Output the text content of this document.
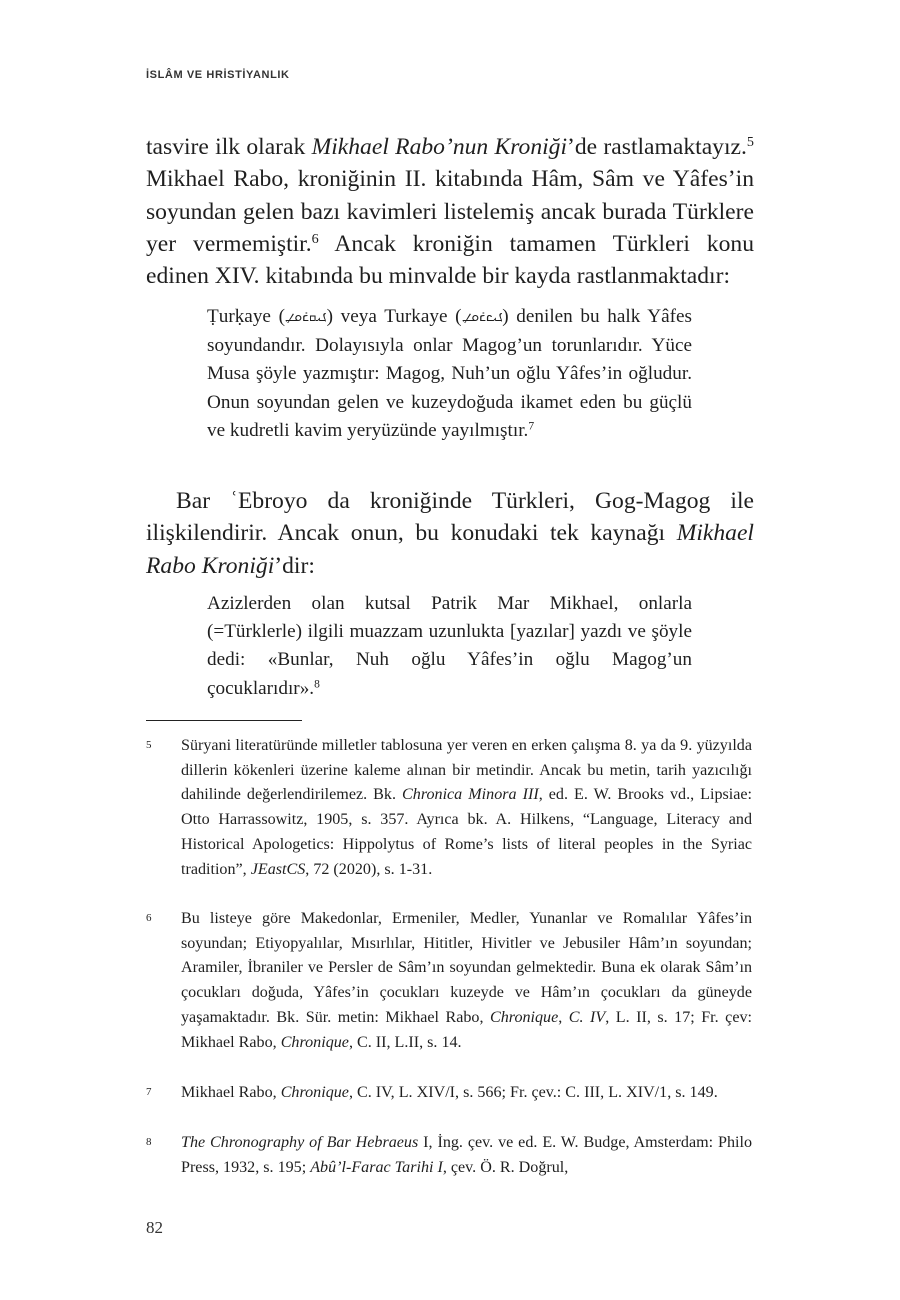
İSLÂM VE HRİSTİYANLIK

tasvire ilk olarak Mikhael Rabo’nun Kroniği’de rastlamaktayız.$^5$ Mikhael Rabo, kroniğinin II. kitabında Hâm, Sâm ve Yâfes’in soyundan gelen bazı kavimleri listelemiş ancak burada Türklere yer vermemiştir.$^6$ Ancak kroniğin tamamen Türkleri konu edinen XIV. kitabında bu minvalde bir kayda rastlanmaktadır:

Ṭurḳaye (ܛܘܪܩܝܐ) veya Turkaye (ܛܘܪܟܝܐ) denilen bu halk Yâfes soyundandır. Dolayısıyla onlar Magog’un torunlarıdır. Yüce Musa şöyle yazmıştır: Magog, Nuh’un oğlu Yâfes’in oğludur. Onun soyundan gelen ve kuzeydoğuda ikamet eden bu güçlü ve kudretli kavim yeryüzünde yayılmıştır.$^7$

Bar ʿEbroyo da kroniğinde Türkleri, Gog-Magog ile ilişkilendirir. Ancak onun, bu konudaki tek kaynağı Mikhael Rabo Kroniği’dir:

Azizlerden olan kutsal Patrik Mar Mikhael, onlarla (=Türklerle) ilgili muazzam uzunlukta [yazılar] yazdı ve şöyle dedi: «Bunlar, Nuh oğlu Yâfes’in oğlu Magog’un çocuklarıdır».$^8$
5 Süryani literatüründe milletler tablosuna yer veren en erken çalışma 8. ya da 9. yüzyılda dillerin kökenleri üzerine kaleme alınan bir metindir. Ancak bu metin, tarih yazıcılığı dahilinde değerlendirilemez. Bk. Chronica Minora III, ed. E. W. Brooks vd., Lipsiae: Otto Harrassowitz, 1905, s. 357. Ayrıca bk. A. Hilkens, “Language, Literacy and Historical Apologetics: Hippolytus of Rome’s lists of literal peoples in the Syriac tradition”, JEastCS, 72 (2020), s. 1-31.
6 Bu listeye göre Makedonlar, Ermeniler, Medler, Yunanlar ve Romalılar Yâfes’in soyundan; Etiyopyalılar, Mısırlılar, Hititler, Hivitler ve Jebusiler Hâm’ın soyundan; Aramiler, İbraniler ve Persler de Sâm’ın soyundan gelmektedir. Buna ek olarak Sâm’ın çocukları doğuda, Yâfes’in çocukları kuzeyde ve Hâm’ın çocukları da güneyde yaşamaktadır. Bk. Sür. metin: Mikhael Rabo, Chronique, C. IV, L. II, s. 17; Fr. çev: Mikhael Rabo, Chronique, C. II, L.II, s. 14.
7 Mikhael Rabo, Chronique, C. IV, L. XIV/I, s. 566; Fr. çev.: C. III, L. XIV/1, s. 149.
8 The Chronography of Bar Hebraeus I, İng. çev. ve ed. E. W. Budge, Amsterdam: Philo Press, 1932, s. 195; Abû’l-Farac Tarihi I, çev. Ö. R. Doğrul,
82
